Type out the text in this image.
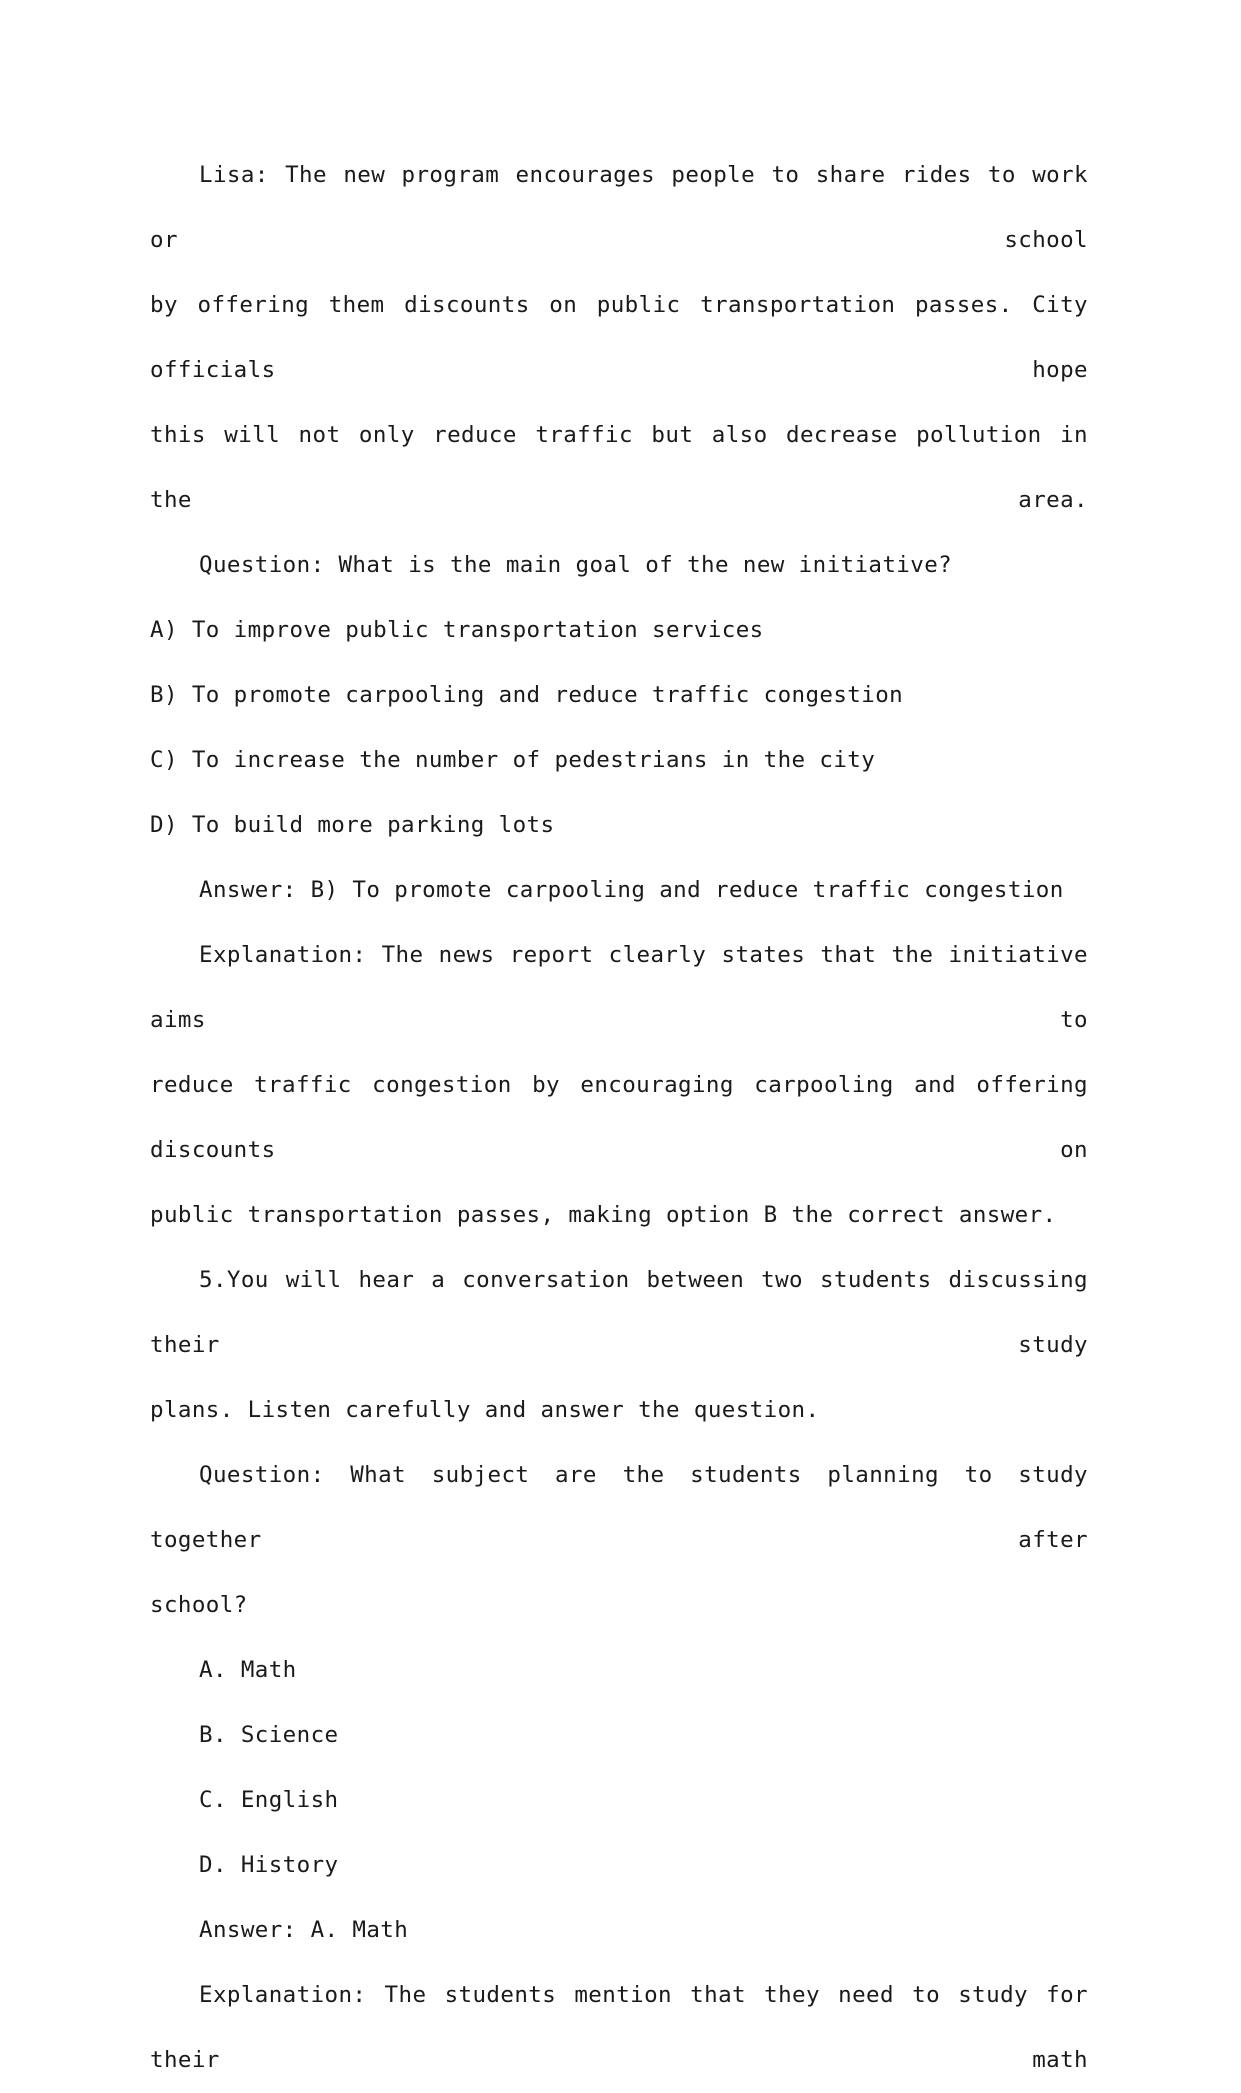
Lisa: The new program encourages people to share rides to work or school
by offering them discounts on public transportation passes. City officials hope
this will not only reduce traffic but also decrease pollution in the area.
Question: What is the main goal of the new initiative?
A) To improve public transportation services
B) To promote carpooling and reduce traffic congestion
C) To increase the number of pedestrians in the city
D) To build more parking lots
Answer: B) To promote carpooling and reduce traffic congestion
Explanation: The news report clearly states that the initiative aims to
reduce traffic congestion by encouraging carpooling and offering discounts on
public transportation passes, making option B the correct answer.
5.You will hear a conversation between two students discussing their study
plans. Listen carefully and answer the question.
Question: What subject are the students planning to study together after
school?
A. Math
B. Science
C. English
D. History
Answer: A. Math
Explanation: The students mention that they need to study for their math
